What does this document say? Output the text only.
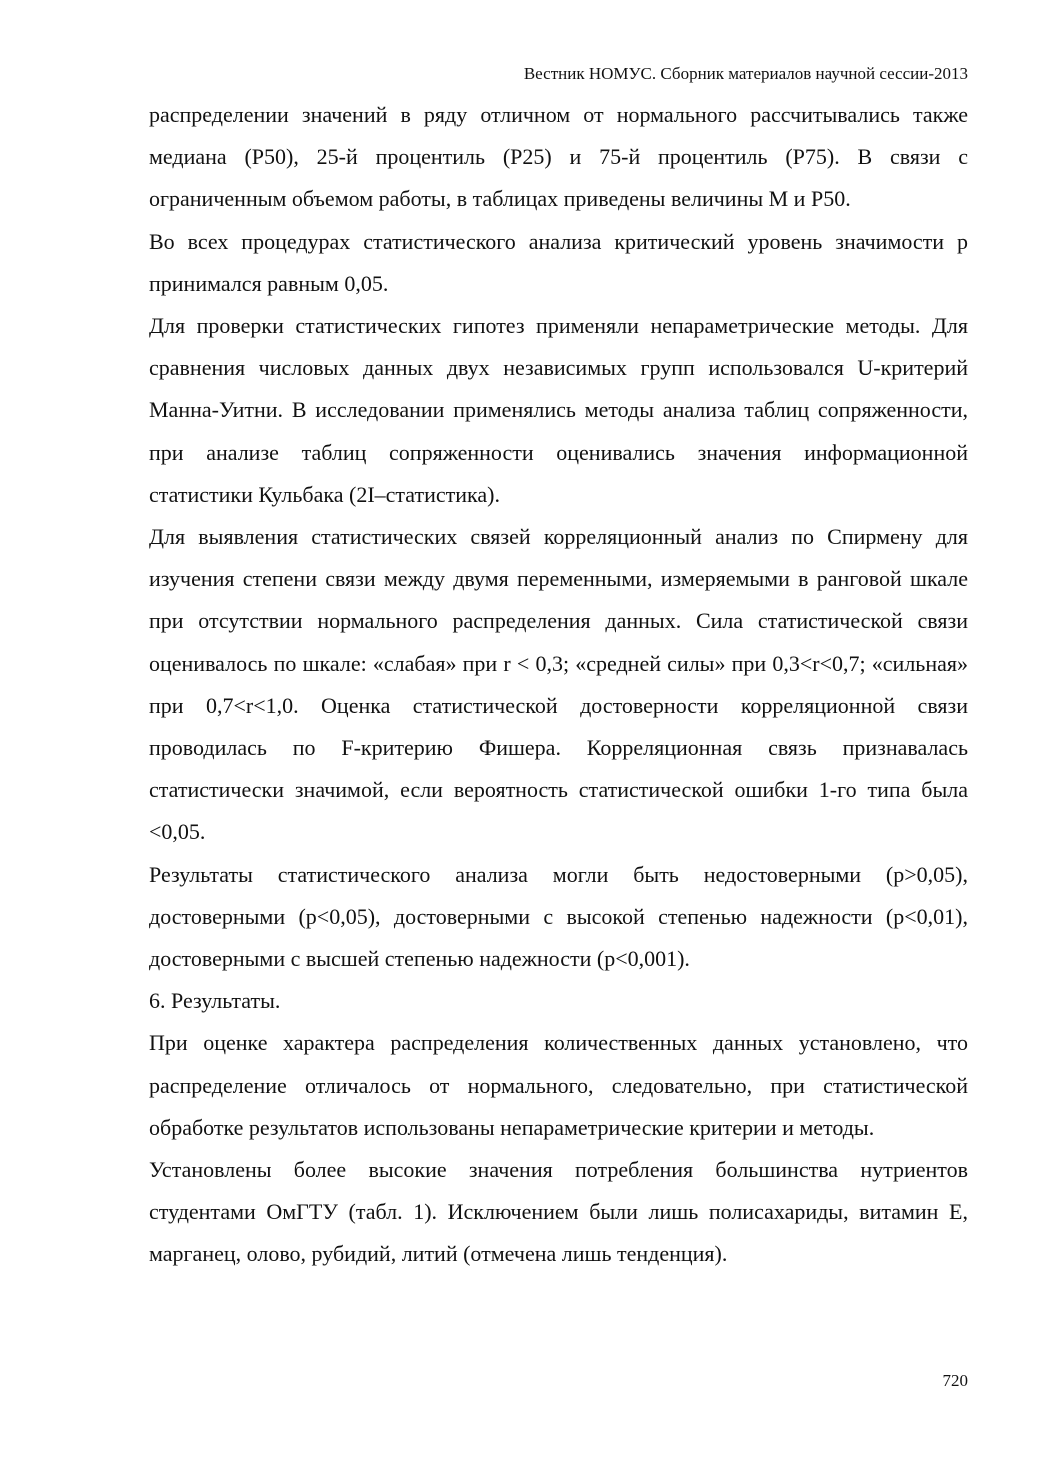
Вестник НОМУС. Сборник материалов научной сессии-2013

распределении значений в ряду отличном от нормального рассчитывались также медиана (P50), 25-й процентиль (P25) и 75-й процентиль (P75). В связи с ограниченным объемом работы, в таблицах приведены величины M и P50.

Во всех процедурах статистического анализа критический уровень значимости p принимался равным 0,05.

Для проверки статистических гипотез применяли непараметрические методы. Для сравнения числовых данных двух независимых групп использовался U-критерий Манна-Уитни. В исследовании применялись методы анализа таблиц сопряженности, при анализе таблиц сопряженности оценивались значения информационной статистики Кульбака (2I–статистика).

Для выявления статистических связей корреляционный анализ по Спирмену для изучения степени связи между двумя переменными, измеряемыми в ранговой шкале при отсутствии нормального распределения данных. Сила статистической связи оценивалось по шкале: «слабая» при r < 0,3; «средней силы» при 0,3<r<0,7; «сильная» при 0,7<r<1,0. Оценка статистической достоверности корреляционной связи проводилась по F-критерию Фишера. Корреляционная связь признавалась статистически значимой, если вероятность статистической ошибки 1-го типа была <0,05.

Результаты статистического анализа могли быть недостоверными (p>0,05), достоверными (p<0,05), достоверными с высокой степенью надежности (p<0,01), достоверными с высшей степенью надежности (p<0,001).

6. Результаты.

При оценке характера распределения количественных данных установлено, что распределение отличалось от нормального, следовательно, при статистической обработке результатов использованы непараметрические критерии и методы.

Установлены более высокие значения потребления большинства нутриентов студентами ОмГТУ (табл. 1). Исключением были лишь полисахариды, витамин Е, марганец, олово, рубидий, литий (отмечена лишь тенденция).

720
